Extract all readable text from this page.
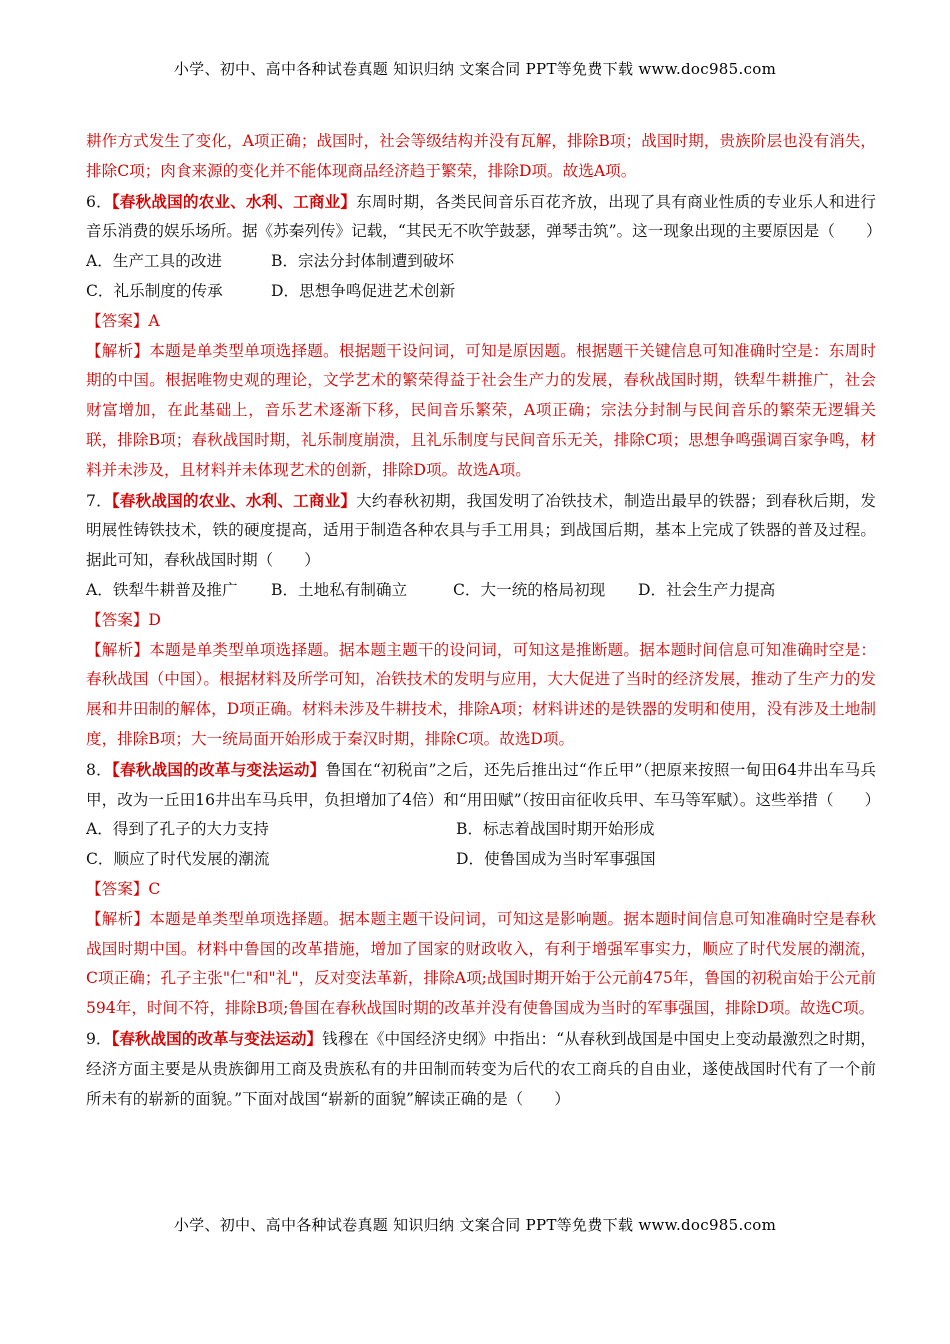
小学、初中、高中各种试卷真题 知识归纳 文案合同 PPT等免费下载 www.doc985.com

耕作方式发生了变化，A项正确；战国时，社会等级结构并没有瓦解，排除B项；战国时期，贵族阶层也没有消失，排除C项；肉食来源的变化并不能体现商品经济趋于繁荣，排除D项。故选A项。

6．【春秋战国的农业、水利、工商业】东周时期，各类民间音乐百花齐放，出现了具有商业性质的专业乐人和进行音乐消费的娱乐场所。据《苏秦列传》记载，“其民无不吹竽鼓瑟，弹琴击筑”。这一现象出现的主要原因是（　　）

A．生产工具的改进	B．宗法分封体制遭到破坏
C．礼乐制度的传承	D．思想争鸣促进艺术创新

【答案】A

【解析】本题是单类型单项选择题。根据题干设问词，可知是原因题。根据题干关键信息可知准确时空是：东周时期的中国。根据唯物史观的理论，文学艺术的繁荣得益于社会生产力的发展，春秋战国时期，铁犁牛耕推广，社会财富增加，在此基础上，音乐艺术逐渐下移，民间音乐繁荣，A项正确；宗法分封制与民间音乐的繁荣无逻辑关联，排除B项；春秋战国时期，礼乐制度崩溃，且礼乐制度与民间音乐无关，排除C项；思想争鸣强调百家争鸣，材料并未涉及，且材料并未体现艺术的创新，排除D项。故选A项。

7．【春秋战国的农业、水利、工商业】大约春秋初期，我国发明了冶铁技术，制造出最早的铁器；到春秋后期，发明展性铸铁技术，铁的硬度提高，适用于制造各种农具与手工用具；到战国后期，基本上完成了铁器的普及过程。据此可知，春秋战国时期（　　）

A．铁犁牛耕普及推广	B．土地私有制确立	C．大一统的格局初现	D．社会生产力提高

【答案】D

【解析】本题是单类型单项选择题。据本题主题干的设问词，可知这是推断题。据本题时间信息可知准确时空是：春秋战国（中国）。根据材料及所学可知，冶铁技术的发明与应用，大大促进了当时的经济发展，推动了生产力的发展和井田制的解体，D项正确。材料未涉及牛耕技术，排除A项；材料讲述的是铁器的发明和使用，没有涉及土地制度，排除B项；大一统局面开始形成于秦汉时期，排除C项。故选D项。

8．【春秋战国的改革与变法运动】鲁国在“初税亩”之后，还先后推出过“作丘甲”（把原来按照一甸田64井出车马兵甲，改为一丘田16井出车马兵甲，负担增加了4倍）和“用田赋”（按田亩征收兵甲、车马等军赋）。这些举措（　　）

A．得到了孔子的大力支持	B．标志着战国时期开始形成
C．顺应了时代发展的潮流	D．使鲁国成为当时军事强国

【答案】C

【解析】本题是单类型单项选择题。据本题主题干设问词，可知这是影响题。据本题时间信息可知准确时空是春秋战国时期中国。材料中鲁国的改革措施，增加了国家的财政收入，有利于增强军事实力，顺应了时代发展的潮流，C项正确；孔子主张"仁"和"礼"，反对变法革新，排除A项;战国时期开始于公元前475年，鲁国的初税亩始于公元前594年，时间不符，排除B项;鲁国在春秋战国时期的改革并没有使鲁国成为当时的军事强国，排除D项。故选C项。

9．【春秋战国的改革与变法运动】钱穆在《中国经济史纲》中指出：“从春秋到战国是中国史上变动最激烈之时期，经济方面主要是从贵族御用工商及贵族私有的井田制而转变为后代的农工商兵的自由业，遂使战国时代有了一个前所未有的崭新的面貌。”下面对战国“崭新的面貌”解读正确的是（　　）

小学、初中、高中各种试卷真题 知识归纳 文案合同 PPT等免费下载 www.doc985.com
